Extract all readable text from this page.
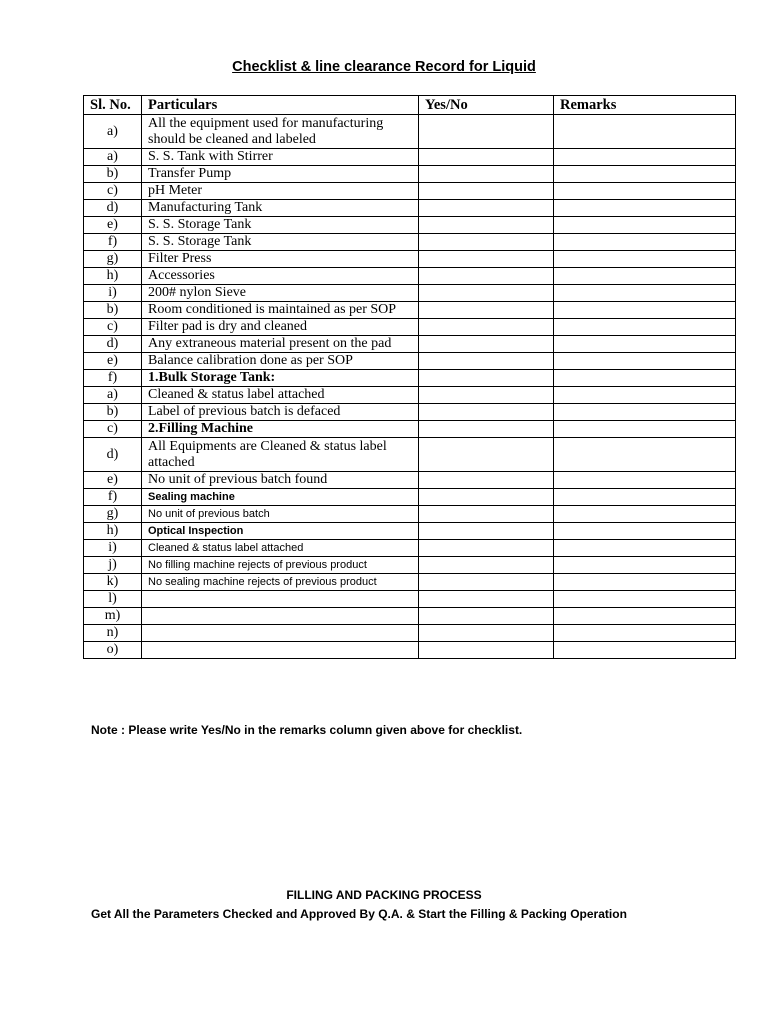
Checklist & line clearance Record for Liquid
Sl. No.	Particulars	Yes/No	Remarks
a)	All the equipment used for manufacturing should be cleaned and labeled		
a)	S. S. Tank with Stirrer		
b)	Transfer Pump		
c)	pH Meter		
d)	Manufacturing Tank		
e)	S. S. Storage Tank		
f)	S. S. Storage Tank		
g)	Filter Press		
h)	Accessories		
i)	200# nylon Sieve		
b)	Room conditioned is maintained as per SOP		
c)	Filter pad is dry and cleaned		
d)	Any extraneous material present on the pad		
e)	Balance calibration done as per SOP		
f)	1.Bulk Storage Tank:		
a)	Cleaned & status label attached		
b)	Label of previous batch is defaced		
c)	2.Filling Machine		
d)	All Equipments are Cleaned & status label attached		
e)	No unit of previous batch found		
f)	Sealing machine		
g)	No unit of previous batch		
h)	Optical Inspection		
i)	Cleaned & status label attached		
j)	No filling machine rejects of previous product		
k)	No sealing machine rejects of previous product		
l)			
m)			
n)			
o)			
Note : Please write Yes/No in the remarks column given above for checklist.
FILLING AND PACKING PROCESS
Get All the Parameters Checked and Approved By Q.A. & Start the Filling & Packing Operation
